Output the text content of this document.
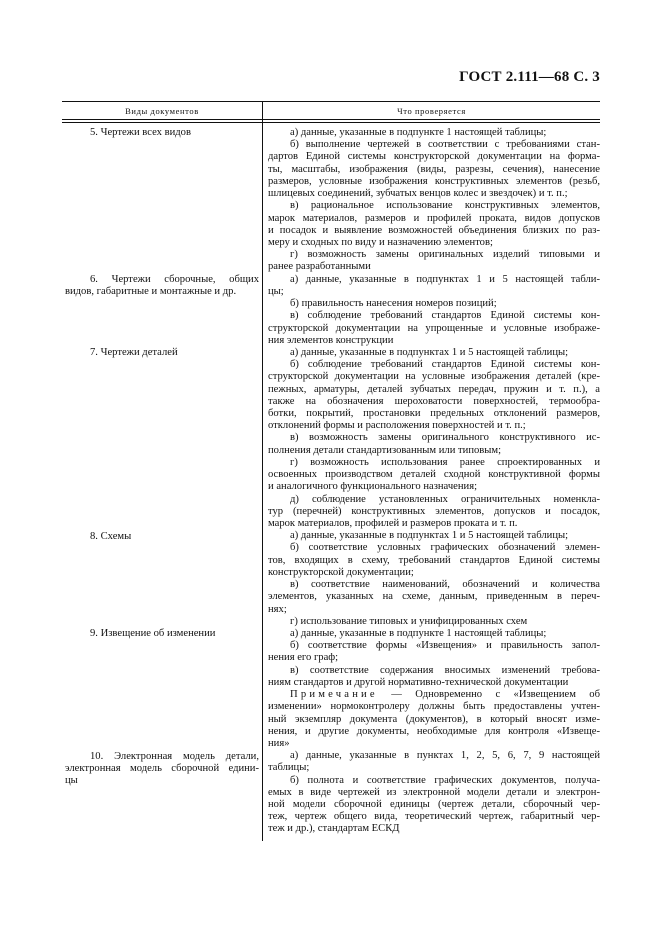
ГОСТ 2.111—68 С. 3
Виды документов	Что проверяется
5. Чертежи всех видов
6. Чертежи сборочные, общих
видов, габаритные и монтажные и др.
7. Чертежи деталей
8. Схемы
9. Извещение об изменении
10. Электронная модель детали,
электронная модель сборочной едини-
цы
а) данные, указанные в подпункте 1 настоящей таблицы;
б) выполнение чертежей в соответствии с требованиями стан-
дартов Единой системы конструкторской документации на форма-
ты, масштабы, изображения (виды, разрезы, сечения), нанесение
размеров, условные изображения конструктивных элементов (резьб,
шлицевых соединений, зубчатых венцов колес и звездочек) и т. п.;
в) рациональное использование конструктивных элементов,
марок материалов, размеров и профилей проката, видов допусков
и посадок и выявление возможностей объединения близких по раз-
меру и сходных по виду и назначению элементов;
г) возможность замены оригинальных изделий типовыми и
ранее разработанными
а) данные, указанные в подпунктах 1 и 5 настоящей табли-
цы;
б) правильность нанесения номеров позиций;
в) соблюдение требований стандартов Единой системы кон-
структорской документации на упрощенные и условные изображе-
ния элементов конструкции
а) данные, указанные в подпунктах 1 и 5 настоящей таблицы;
б) соблюдение требований стандартов Единой системы кон-
структорской документации на условные изображения деталей (кре-
пежных, арматуры, деталей зубчатых передач, пружин и т. п.), а
также на обозначения шероховатости поверхностей, термообра-
ботки, покрытий, простановки предельных отклонений размеров,
отклонений формы и расположения поверхностей и т. п.;
в) возможность замены оригинального конструктивного ис-
полнения детали стандартизованным или типовым;
г) возможность использования ранее спроектированных и
освоенных производством деталей сходной конструктивной формы
и аналогичного функционального назначения;
д) соблюдение установленных ограничительных номенкла-
тур (перечней) конструктивных элементов, допусков и посадок,
марок материалов, профилей и размеров проката и т. п.
а) данные, указанные в подпунктах 1 и 5 настоящей таблицы;
б) соответствие условных графических обозначений элемен-
тов, входящих в схему, требований стандартов Единой системы
конструкторской документации;
в) соответствие наименований, обозначений и количества
элементов, указанных на схеме, данным, приведенным в переч-
нях;
г) использование типовых и унифицированных схем
а) данные, указанные в подпункте 1 настоящей таблицы;
б) соответствие формы «Извещения» и правильность запол-
нения его граф;
в) соответствие содержания вносимых изменений требова-
ниям стандартов и другой нормативно-технической документации
Примечание — Одновременно с «Извещением об
изменении» нормоконтролеру должны быть предоставлены учтен-
ный экземпляр документа (документов), в который вносят изме-
нения, и другие документы, необходимые для контроля «Извеще-
ния»
а) данные, указанные в пунктах 1, 2, 5, 6, 7, 9 настоящей
таблицы;
б) полнота и соответствие графических документов, получа-
емых в виде чертежей из электронной модели детали и электрон-
ной модели сборочной единицы (чертеж детали, сборочный чер-
теж, чертеж общего вида, теоретический чертеж, габаритный чер-
теж и др.), стандартам ЕСКД
